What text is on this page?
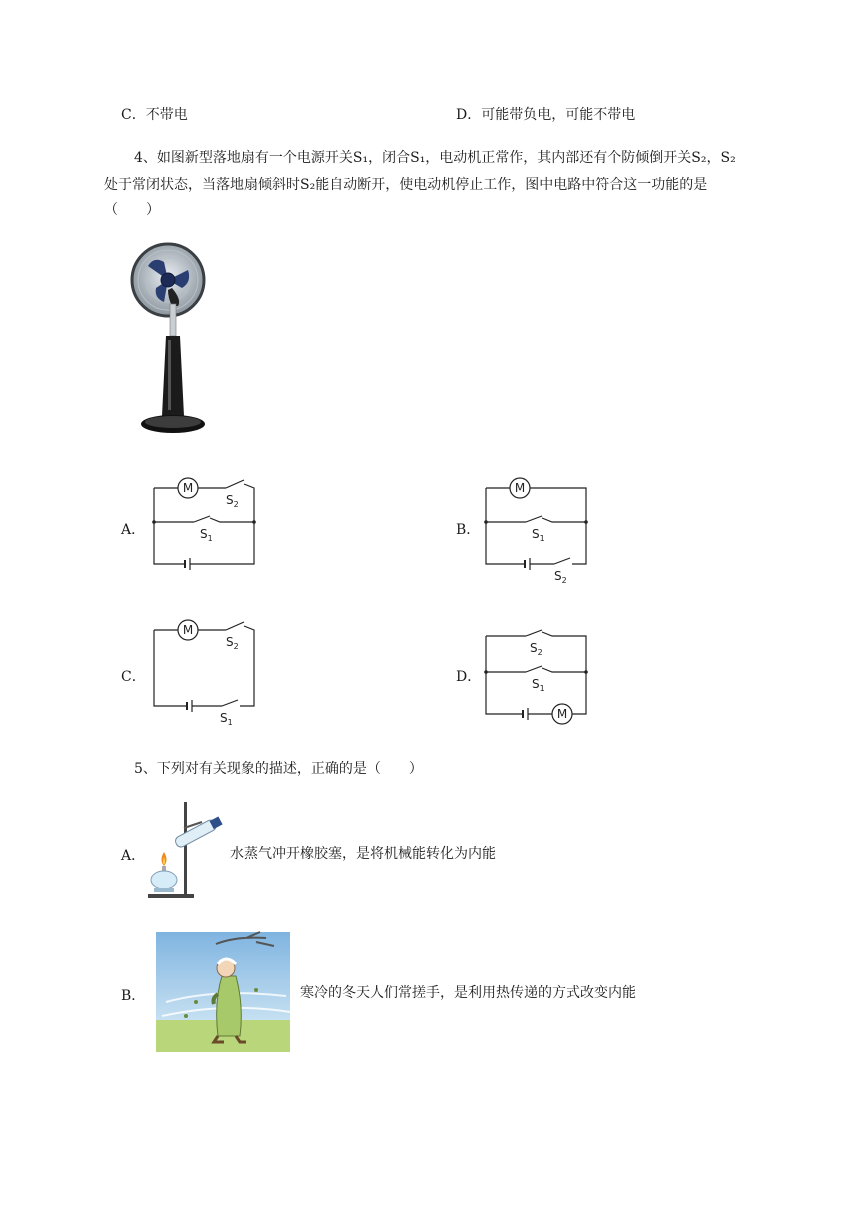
C．不带电	D．可能带负电，可能不带电
4、如图新型落地扇有一个电源开关S₁，闭合S₁，电动机正常作，其内部还有个防倾倒开关S₂，S₂
处于常闭状态，当落地扇倾斜时S₂能自动断开，使电动机停止工作，图中电路中符合这一功能的是
（　　）
A．	B．
C．	D．
M
$S_2$
$S_1$
M
$S_1$
$S_2$
M
$S_2$
$S_1$
M
$S_2$
$S_1$
5、下列对有关现象的描述，正确的是（　　）
A．	水蒸气冲开橡胶塞，是将机械能转化为内能
B．	寒冷的冬天人们常搓手，是利用热传递的方式改变内能
